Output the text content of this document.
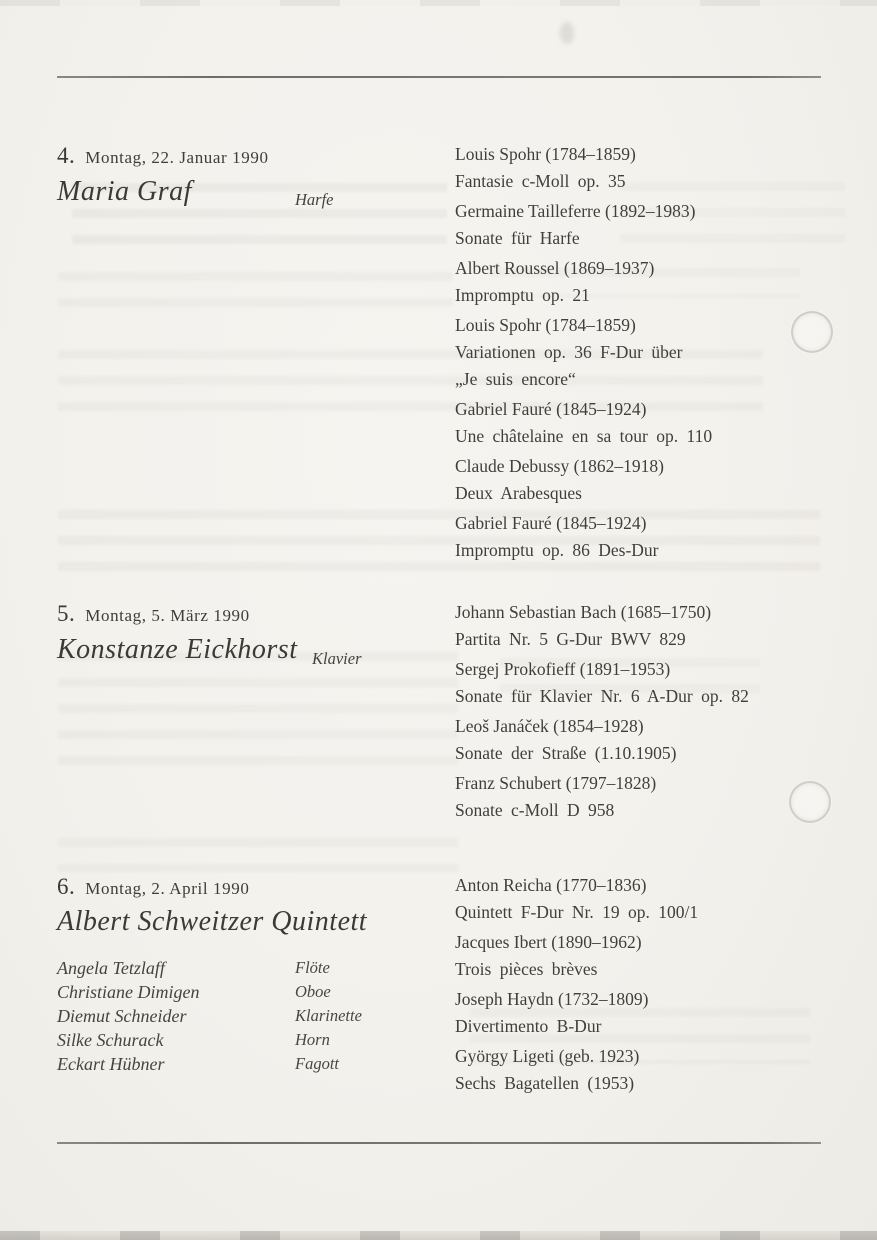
4. Montag, 22. Januar 1990
Maria Graf	Harfe
Louis Spohr (1784–1859)
Fantasie c-Moll op. 35
Germaine Tailleferre (1892–1983)
Sonate für Harfe
Albert Roussel (1869–1937)
Impromptu op. 21
Louis Spohr (1784–1859)
Variationen op. 36 F-Dur über
„Je suis encore“
Gabriel Fauré (1845–1924)
Une châtelaine en sa tour op. 110
Claude Debussy (1862–1918)
Deux Arabesques
Gabriel Fauré (1845–1924)
Impromptu op. 86 Des-Dur
5. Montag, 5. März 1990
Konstanze Eickhorst Klavier
Johann Sebastian Bach (1685–1750)
Partita Nr. 5 G-Dur BWV 829
Sergej Prokofieff (1891–1953)
Sonate für Klavier Nr. 6 A-Dur op. 82
Leoš Janáček (1854–1928)
Sonate der Straße (1.10.1905)
Franz Schubert (1797–1828)
Sonate c-Moll D 958
6. Montag, 2. April 1990
Albert Schweitzer Quintett
Angela Tetzlaff	Flöte
Christiane Dimigen	Oboe
Diemut Schneider	Klarinette
Silke Schurack	Horn
Eckart Hübner	Fagott
Anton Reicha (1770–1836)
Quintett F-Dur Nr. 19 op. 100/1
Jacques Ibert (1890–1962)
Trois pièces brèves
Joseph Haydn (1732–1809)
Divertimento B-Dur
György Ligeti (geb. 1923)
Sechs Bagatellen (1953)
